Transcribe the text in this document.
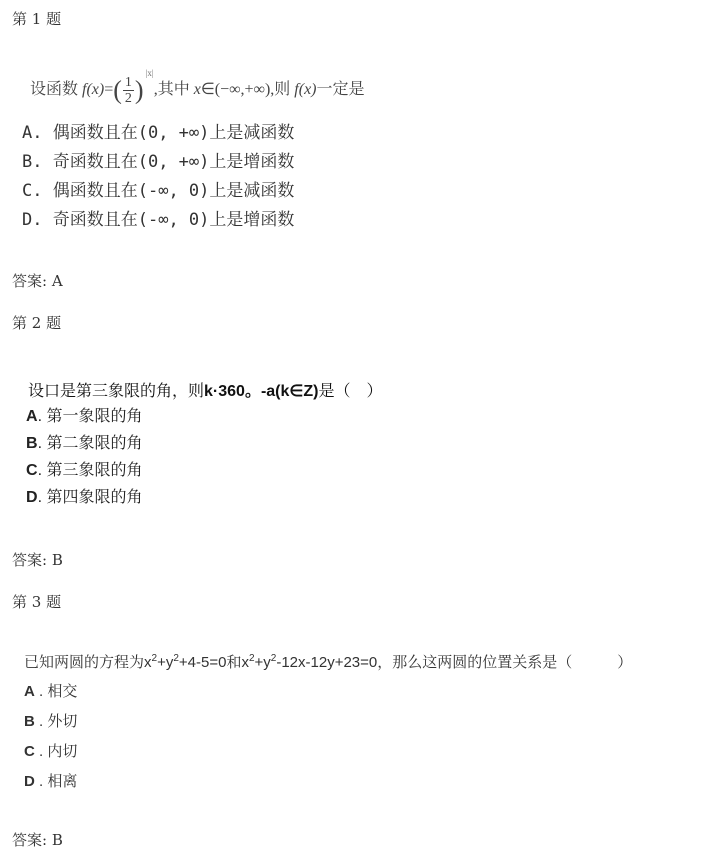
第 1 题
设函数 $f(x)=( \frac{1}{2} )^{|x|}$,其中 x∈(−∞,+∞),则 f(x)一定是
A. 偶函数且在(0, +∞)上是减函数
B. 奇函数且在(0, +∞)上是增函数
C. 偶函数且在(-∞, 0)上是减函数
D. 奇函数且在(-∞, 0)上是增函数
答案: A
第 2 题
设口是第三象限的角，则k·360。-a(k∈Z)是（　）
A. 第一象限的角
B. 第二象限的角
C. 第三象限的角
D. 第四象限的角
答案: B
第 3 题
已知两圆的方程为$x^2+y^2+4-5=0$和$x^2+y^2-12x-12y+23=0$，那么这两圆的位置关系是（　　　）
A . 相交
B . 外切
C . 内切
D . 相离
答案: B
